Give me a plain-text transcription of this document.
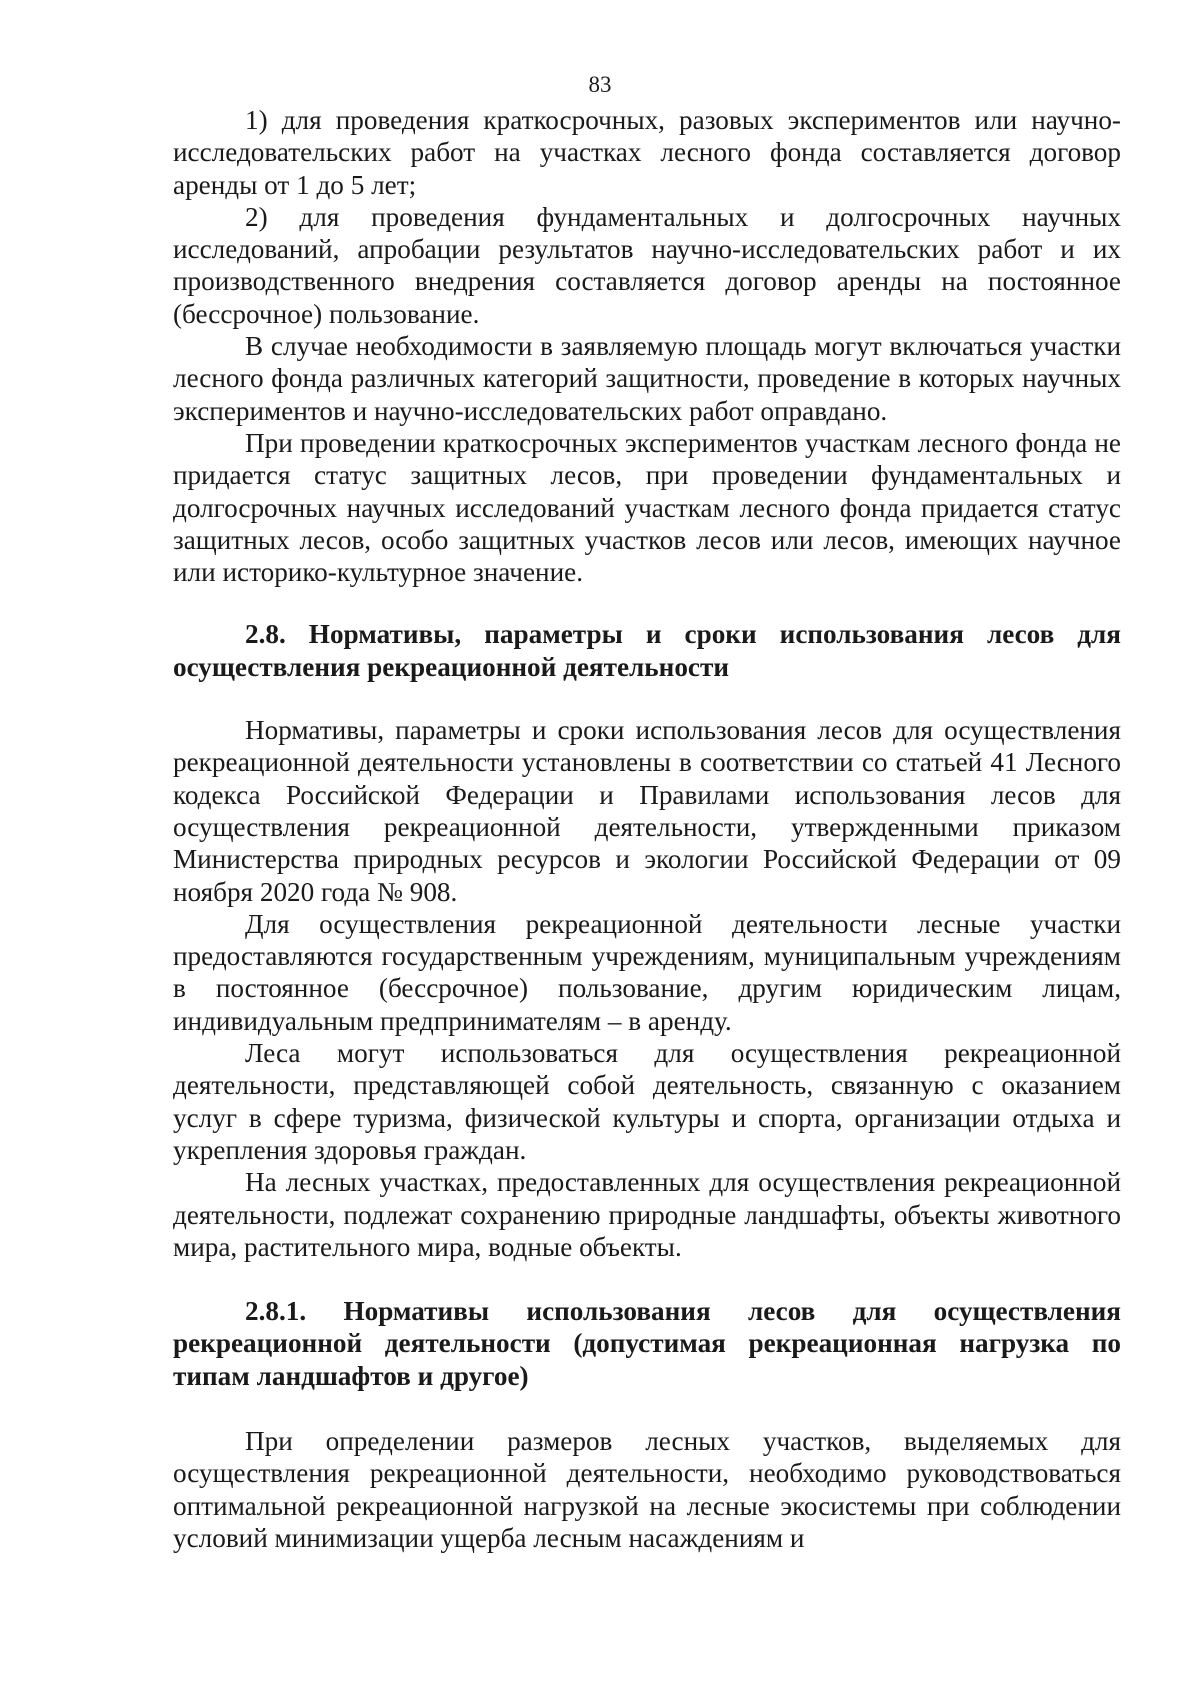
83

1) для проведения краткосрочных, разовых экспериментов или научно-исследовательских работ на участках лесного фонда составляется договор аренды от 1 до 5 лет;

2) для проведения фундаментальных и долгосрочных научных исследований, апробации результатов научно-исследовательских работ и их производственного внедрения составляется договор аренды на постоянное (бессрочное) пользование.

В случае необходимости в заявляемую площадь могут включаться участки лесного фонда различных категорий защитности, проведение в которых научных экспериментов и научно-исследовательских работ оправдано.

При проведении краткосрочных экспериментов участкам лесного фонда не придается статус защитных лесов, при проведении фундаментальных и долгосрочных научных исследований участкам лесного фонда придается статус защитных лесов, особо защитных участков лесов или лесов, имеющих научное или историко-культурное значение.

2.8. Нормативы, параметры и сроки использования лесов для осуществления рекреационной деятельности

Нормативы, параметры и сроки использования лесов для осуществления рекреационной деятельности установлены в соответствии со статьей 41 Лесного кодекса Российской Федерации и Правилами использования лесов для осуществления рекреационной деятельности, утвержденными приказом Министерства природных ресурсов и экологии Российской Федерации от 09 ноября 2020 года № 908.

Для осуществления рекреационной деятельности лесные участки предоставляются государственным учреждениям, муниципальным учреждениям в постоянное (бессрочное) пользование, другим юридическим лицам, индивидуальным предпринимателям – в аренду.

Леса могут использоваться для осуществления рекреационной деятельности, представляющей собой деятельность, связанную с оказанием услуг в сфере туризма, физической культуры и спорта, организации отдыха и укрепления здоровья граждан.

На лесных участках, предоставленных для осуществления рекреационной деятельности, подлежат сохранению природные ландшафты, объекты животного мира, растительного мира, водные объекты.

2.8.1. Нормативы использования лесов для осуществления рекреационной деятельности (допустимая рекреационная нагрузка по типам ландшафтов и другое)

При определении размеров лесных участков, выделяемых для осуществления рекреационной деятельности, необходимо руководствоваться оптимальной рекреационной нагрузкой на лесные экосистемы при соблюдении условий минимизации ущерба лесным насаждениям и
